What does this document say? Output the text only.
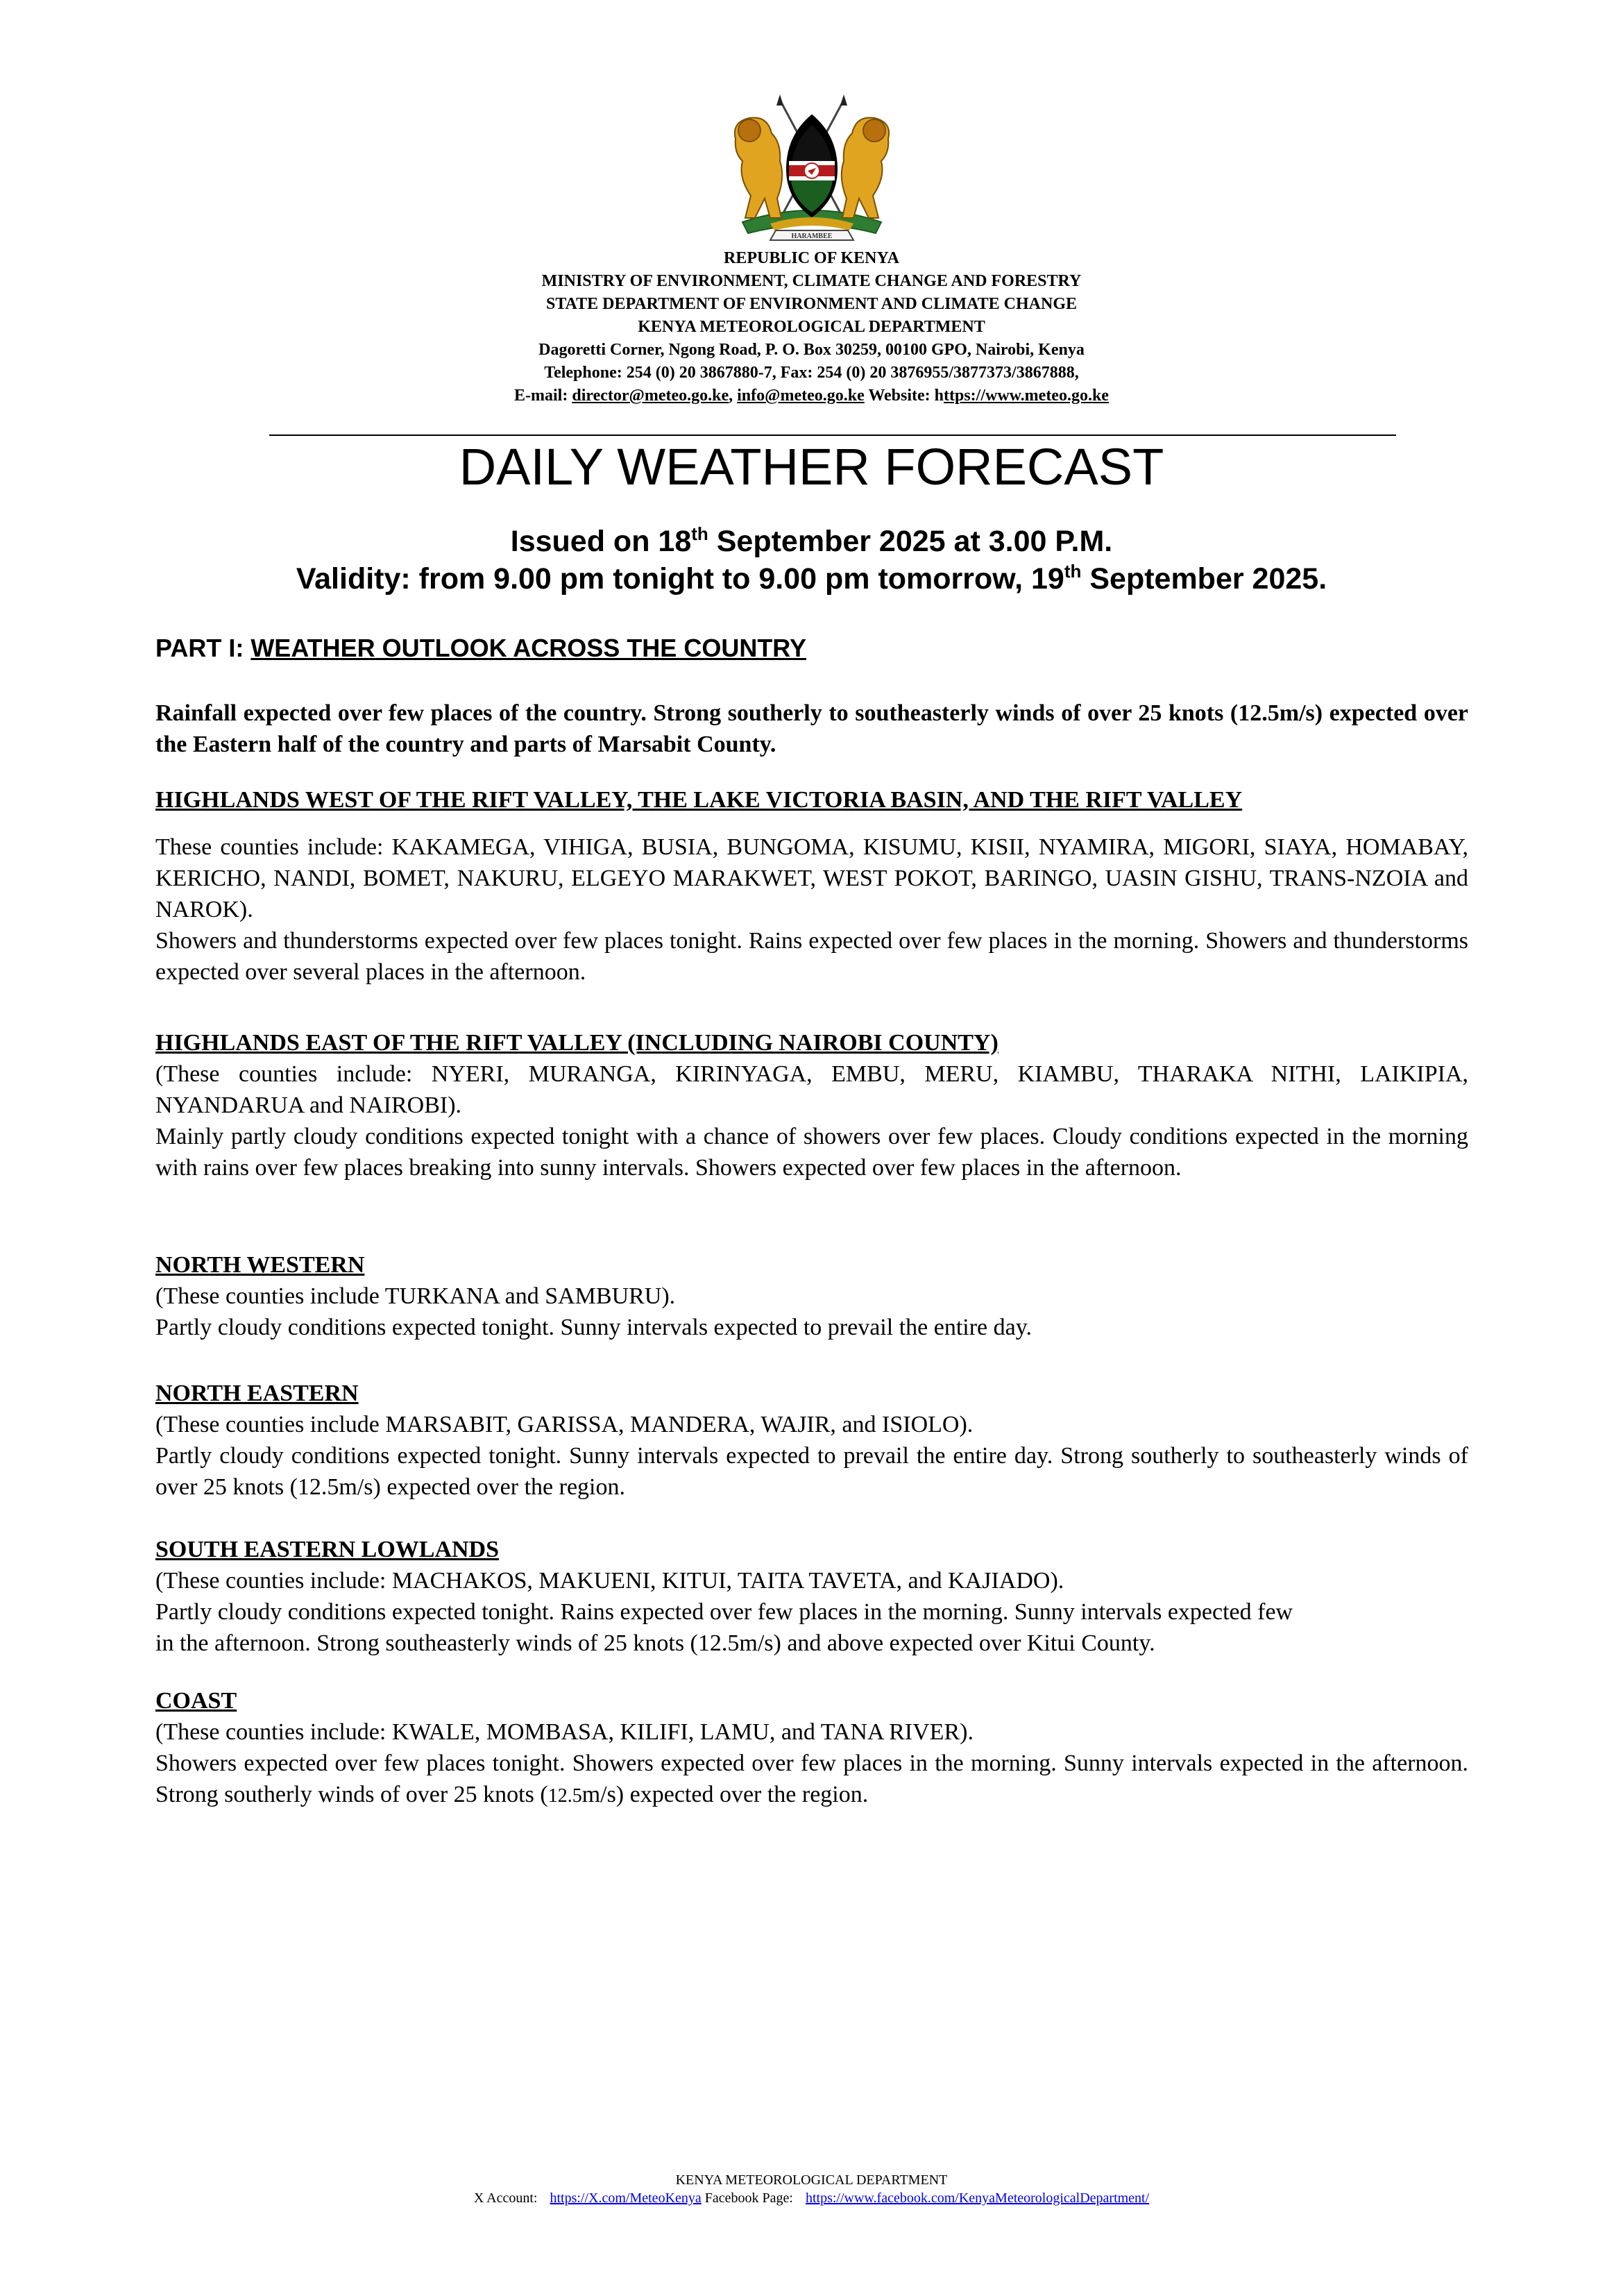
HARAMBEE
REPUBLIC OF KENYA
MINISTRY OF ENVIRONMENT, CLIMATE CHANGE AND FORESTRY
STATE DEPARTMENT OF ENVIRONMENT AND CLIMATE CHANGE
KENYA METEOROLOGICAL DEPARTMENT
Dagoretti Corner, Ngong Road, P. O. Box 30259, 00100 GPO, Nairobi, Kenya
Telephone: 254 (0) 20 3867880-7, Fax: 254 (0) 20 3876955/3877373/3867888,
E-mail: director@meteo.go.ke, info@meteo.go.ke Website: https://www.meteo.go.ke
DAILY WEATHER FORECAST
Issued on 18th September 2025 at 3.00 P.M.
Validity: from 9.00 pm tonight to 9.00 pm tomorrow, 19th September 2025.
PART I: WEATHER OUTLOOK ACROSS THE COUNTRY

Rainfall expected over few places of the country. Strong southerly to southeasterly winds of over 25 knots (12.5m/s) expected over the Eastern half of the country and parts of Marsabit County.

HIGHLANDS WEST OF THE RIFT VALLEY, THE LAKE VICTORIA BASIN, AND THE RIFT VALLEY

These counties include: KAKAMEGA, VIHIGA, BUSIA, BUNGOMA, KISUMU, KISII, NYAMIRA, MIGORI, SIAYA, HOMABAY, KERICHO, NANDI, BOMET, NAKURU, ELGEYO MARAKWET, WEST POKOT, BARINGO, UASIN GISHU, TRANS-NZOIA and NAROK).

Showers and thunderstorms expected over few places tonight. Rains expected over few places in the morning. Showers and thunderstorms expected over several places in the afternoon.

HIGHLANDS EAST OF THE RIFT VALLEY (INCLUDING NAIROBI COUNTY)

(These counties include: NYERI, MURANGA, KIRINYAGA, EMBU, MERU, KIAMBU, THARAKA NITHI, LAIKIPIA, NYANDARUA and NAIROBI).

Mainly partly cloudy conditions expected tonight with a chance of showers over few places. Cloudy conditions expected in the morning with rains over few places breaking into sunny intervals. Showers expected over few places in the afternoon.

NORTH WESTERN

(These counties include TURKANA and SAMBURU).

Partly cloudy conditions expected tonight. Sunny intervals expected to prevail the entire day.

NORTH EASTERN

(These counties include MARSABIT, GARISSA, MANDERA, WAJIR, and ISIOLO).

Partly cloudy conditions expected tonight. Sunny intervals expected to prevail the entire day. Strong southerly to southeasterly winds of over 25 knots (12.5m/s) expected over the region.

SOUTH EASTERN LOWLANDS

(These counties include: MACHAKOS, MAKUENI, KITUI, TAITA TAVETA, and KAJIADO).

Partly cloudy conditions expected tonight. Rains expected over few places in the morning. Sunny intervals expected few

in the afternoon. Strong southeasterly winds of 25 knots (12.5m/s) and above expected over Kitui County.

COAST

(These counties include: KWALE, MOMBASA, KILIFI, LAMU, and TANA RIVER).

Showers expected over few places tonight. Showers expected over few places in the morning. Sunny intervals expected in the afternoon. Strong southerly winds of over 25 knots (12.5m/s) expected over the region.

KENYA METEOROLOGICAL DEPARTMENT
X Account: https://X.com/MeteoKenya Facebook Page: https://www.facebook.com/KenyaMeteorologicalDepartment/
